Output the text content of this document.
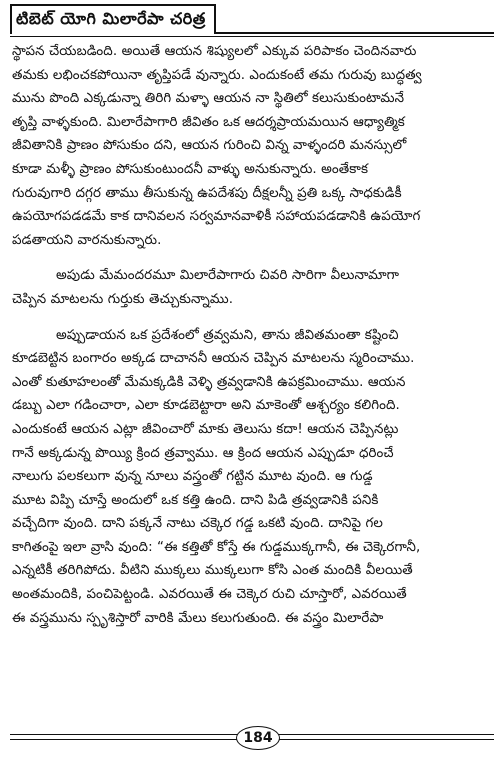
టిబెట్ యోగి మిలారేపా చరిత్ర
స్థాపన చేయబడింది. అయితే ఆయన శిష్యులలో ఎక్కువ పరిపాకం చెందినవారు
తమకు లభించకపోయినా తృప్తిపడే వున్నారు. ఎందుకంటే తమ గురువు బుద్ధత్వ
మును పొంది ఎక్కడున్నా తిరిగి మళ్ళా ఆయన నా స్థితిలో కలుసుకుంటామనే
తృప్తి వాళ్ళకుంది. మిలారేపాగారి జీవితం ఒక ఆదర్శప్రాయమయిన ఆధ్యాత్మిక
జీవితానికి ప్రాణం పోసుకుం దని, ఆయన గురించి విన్న వాళ్ళందరి మనస్సులో
కూడా మళ్ళీ ప్రాణం పోసుకుంటుందనీ వాళ్ళు అనుకున్నారు. అంతేకాక
గురువుగారి దగ్గర తాము తీసుకున్న ఉపదేశపు దీక్షలన్నీ ప్రతి ఒక్క సాధకుడికీ
ఉపయోగపడడమే కాక దానివలన సర్వమానవాళికీ సహాయపడడానికి ఉపయోగ
పడతాయని వారనుకున్నారు.
అపుడు మేమందరమూ మిలారేపాగారు చివరి సారిగా వీలునామాగా
చెప్పిన మాటలను గుర్తుకు తెచ్చుకున్నాము.
అప్పుడాయన ఒక ప్రదేశంలో త్రవ్వమని, తాను జీవితమంతా కష్టించి
కూడబెట్టిన బంగారం అక్కడ దాచాననీ ఆయన చెప్పిన మాటలను స్మరించాము.
ఎంతో కుతూహలంతో మేమక్కడికి వెళ్ళి త్రవ్వడానికి ఉపక్రమించాము. ఆయన
డబ్బు ఎలా గడించారా, ఎలా కూడబెట్టారా అని మాకెంతో ఆశ్చర్యం కలిగింది.
ఎందుకంటే ఆయన ఎట్లా జీవించారో మాకు తెలుసు కదా! ఆయన చెప్పినట్లు
గానే అక్కడున్న పొయ్యి క్రింద త్రవ్వాము. ఆ క్రింద ఆయన ఎప్పుడూ ధరించే
నాలుగు పలకలుగా వున్న నూలు వస్త్రంతో గట్టిన మూట వుంది. ఆ గుడ్డ
మూట విప్పి చూస్తే అందులో ఒక కత్తి ఉంది. దాని పిడి త్రవ్వడానికి పనికి
వచ్చేదిగా వుంది. దాని పక్కనే నాటు చక్కెర గడ్డ ఒకటి వుంది. దానిపై గల
కాగితంపై ఇలా వ్రాసి వుంది: “ఈ కత్తితో కోస్తే ఈ గుడ్డముక్కగానీ, ఈ చెక్కెరగానీ,
ఎన్నటికీ తరిగిపోదు. వీటిని ముక్కలు ముక్కలుగా కోసి ఎంత మందికి వీలయితే
అంతమందికి, పంచిపెట్టండి. ఎవరయితే ఈ చెక్కెర రుచి చూస్తారో, ఎవరయితే
ఈ వస్త్రమును స్పృశిస్తారో వారికి మేలు కలుగుతుంది. ఈ వస్త్రం మిలారేపా
184
